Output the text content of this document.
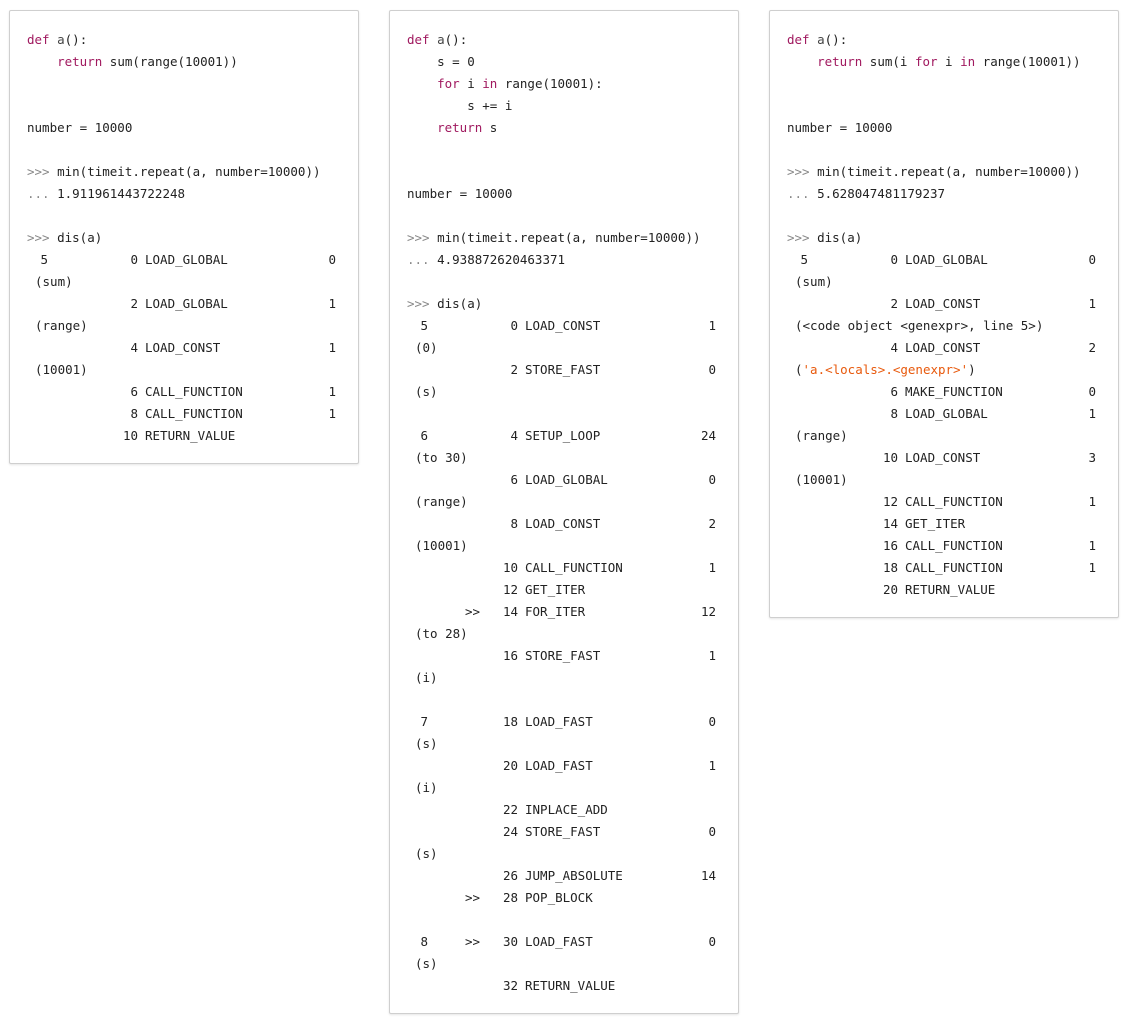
def a():
return sum(range(10001))
number = 10000
>>> min(timeit.repeat(a, number=10000))
... 1.911961443722248
>>> dis(a)
5	0 LOAD_GLOBAL	0
(sum)
2 LOAD_GLOBAL	1
(range)
4 LOAD_CONST	1
(10001)
6 CALL_FUNCTION	1
8 CALL_FUNCTION	1
10 RETURN_VALUE
def a():
s = 0
for i in range(10001):
s += i
return s
number = 10000
>>> min(timeit.repeat(a, number=10000))
... 4.938872620463371
>>> dis(a)
5	0 LOAD_CONST	1
(0)
2 STORE_FAST	0
(s)
6	4 SETUP_LOOP	24
(to 30)
6 LOAD_GLOBAL	0
(range)
8 LOAD_CONST	2
(10001)
10 CALL_FUNCTION	1
12 GET_ITER
>>	14 FOR_ITER	12
(to 28)
16 STORE_FAST	1
(i)
7	18 LOAD_FAST	0
(s)
20 LOAD_FAST	1
(i)
22 INPLACE_ADD
24 STORE_FAST	0
(s)
26 JUMP_ABSOLUTE	14
>>	28 POP_BLOCK
8	>>	30 LOAD_FAST	0
(s)
32 RETURN_VALUE
def a():
return sum(i for i in range(10001))
number = 10000
>>> min(timeit.repeat(a, number=10000))
... 5.628047481179237
>>> dis(a)
5	0 LOAD_GLOBAL	0
(sum)
2 LOAD_CONST	1
(<code object <genexpr>, line 5>)
4 LOAD_CONST	2
('a.<locals>.<genexpr>')
6 MAKE_FUNCTION	0
8 LOAD_GLOBAL	1
(range)
10 LOAD_CONST	3
(10001)
12 CALL_FUNCTION	1
14 GET_ITER
16 CALL_FUNCTION	1
18 CALL_FUNCTION	1
20 RETURN_VALUE
